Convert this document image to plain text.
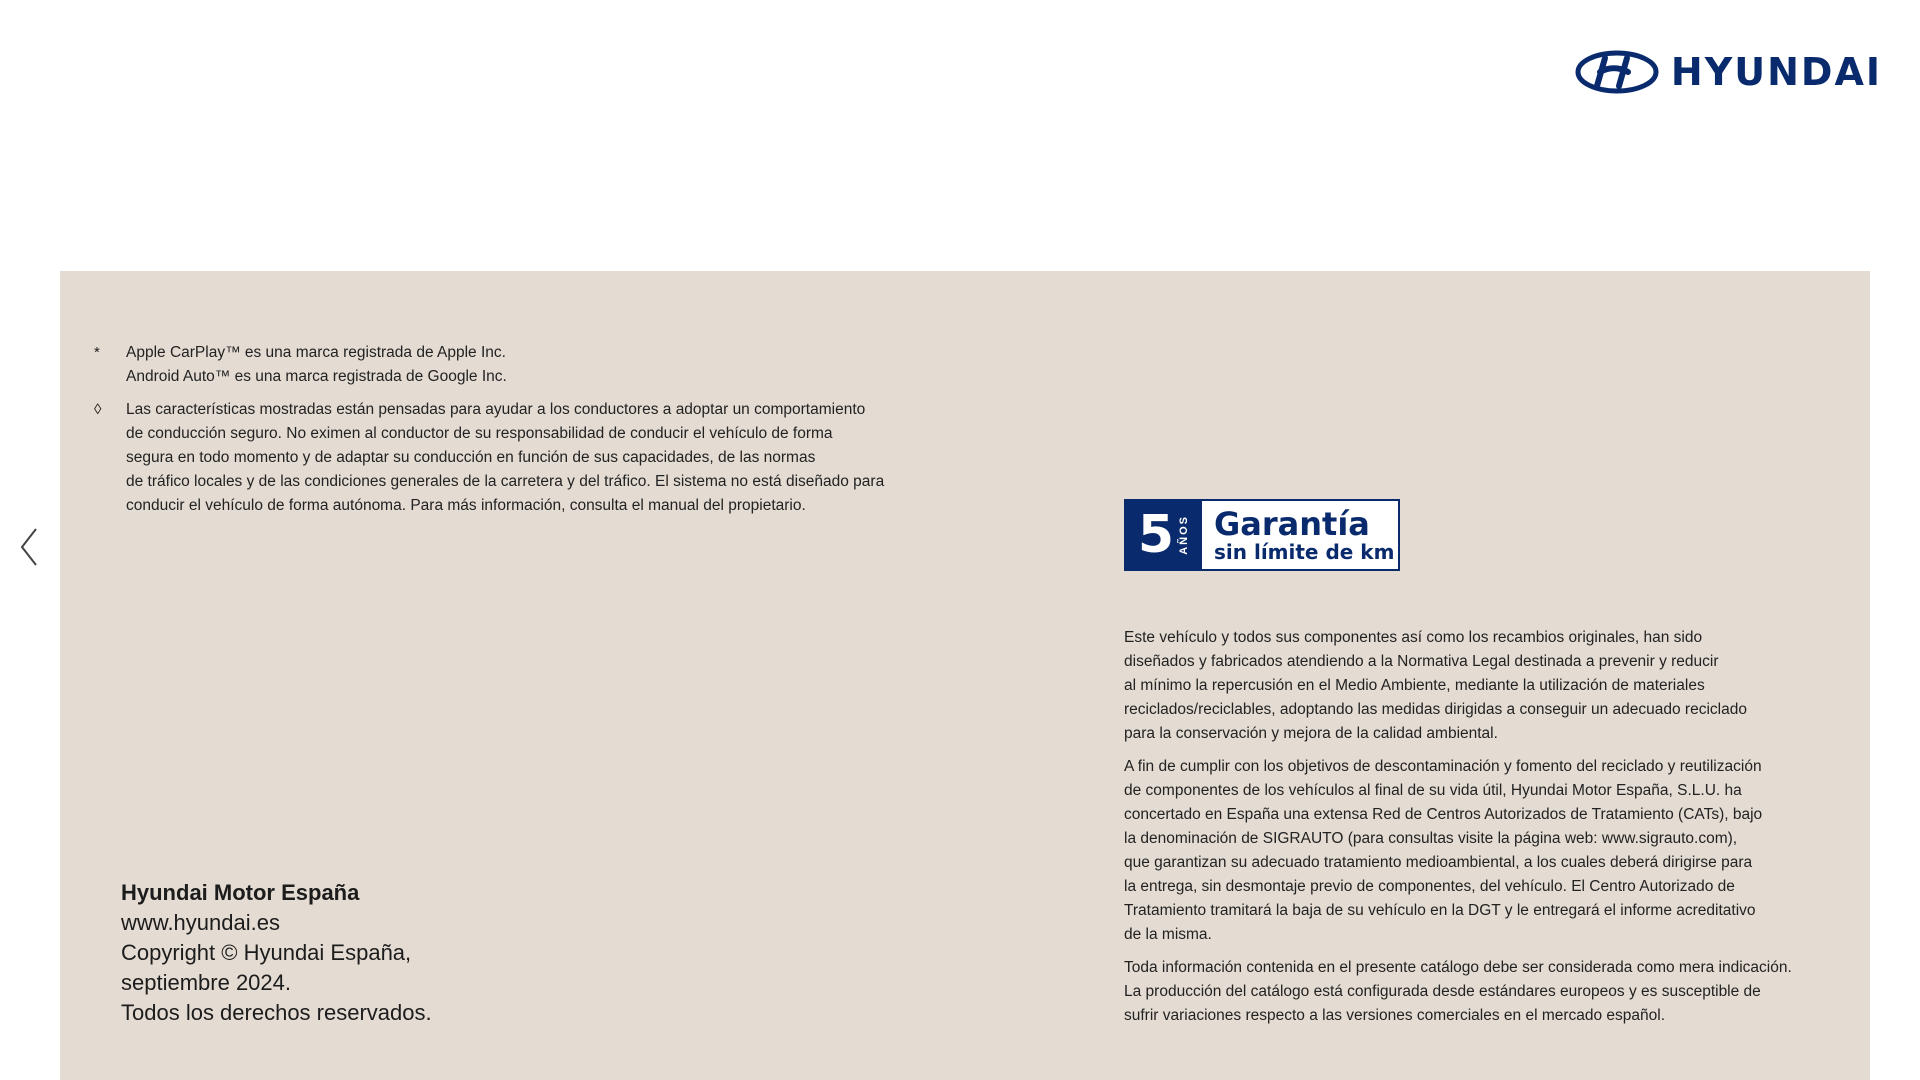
HYUNDAI
*	Apple CarPlay™ es una marca registrada de Apple Inc.

Android Auto™ es una marca registrada de Google Inc.

◊	Las características mostradas están pensadas para ayudar a los conductores a adoptar un comportamiento

de conducción seguro. No eximen al conductor de su responsabilidad de conducir el vehículo de forma

segura en todo momento y de adaptar su conducción en función de sus capacidades, de las normas

de tráfico locales y de las condiciones generales de la carretera y del tráfico. El sistema no está diseñado para

conducir el vehículo de forma autónoma. Para más información, consulta el manual del propietario.

Hyundai Motor España
www.hyundai.es
Copyright © Hyundai España,
septiembre 2024.
Todos los derechos reservados.
5 AÑOS Garantía
sin límite de km

Este vehículo y todos sus componentes así como los recambios originales, han sido
diseñados y fabricados atendiendo a la Normativa Legal destinada a prevenir y reducir
al mínimo la repercusión en el Medio Ambiente, mediante la utilización de materiales
reciclados/reciclables, adoptando las medidas dirigidas a conseguir un adecuado reciclado
para la conservación y mejora de la calidad ambiental.

A fin de cumplir con los objetivos de descontaminación y fomento del reciclado y reutilización
de componentes de los vehículos al final de su vida útil, Hyundai Motor España, S.L.U. ha
concertado en España una extensa Red de Centros Autorizados de Tratamiento (CATs), bajo
la denominación de SIGRAUTO (para consultas visite la página web: www.sigrauto.com),
que garantizan su adecuado tratamiento medioambiental, a los cuales deberá dirigirse para
la entrega, sin desmontaje previo de componentes, del vehículo. El Centro Autorizado de
Tratamiento tramitará la baja de su vehículo en la DGT y le entregará el informe acreditativo
de la misma.

Toda información contenida en el presente catálogo debe ser considerada como mera indicación.
La producción del catálogo está configurada desde estándares europeos y es susceptible de
sufrir variaciones respecto a las versiones comerciales en el mercado español.
